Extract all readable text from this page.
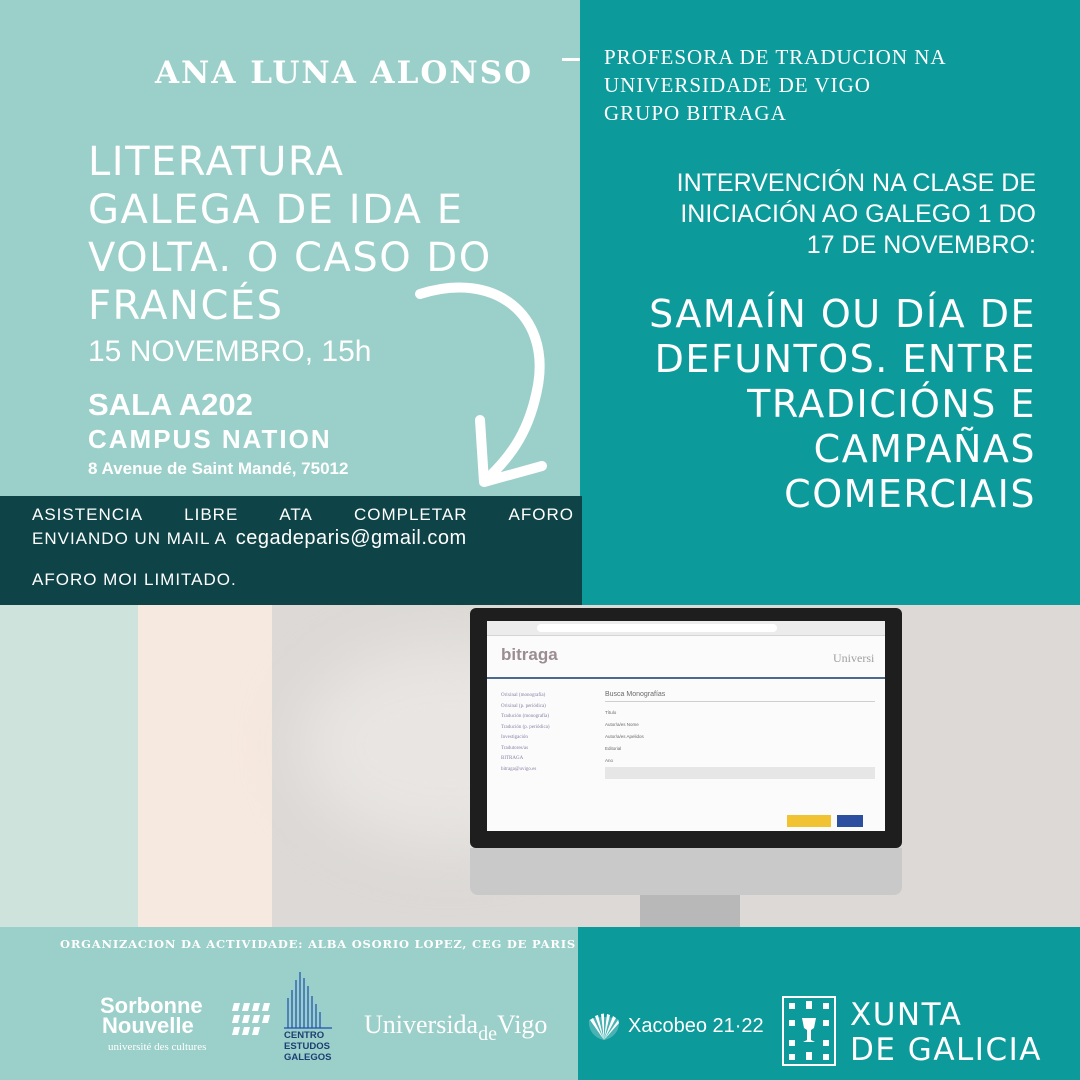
ANA LUNA ALONSO	PROFESORA DE TRADUCION NA
UNIVERSIDADE DE VIGO
GRUPO BITRAGA
LITERATURA
GALEGA DE IDA E
VOLTA. O CASO DO
FRANCÉS
15 NOVEMBRO, 15h
SALA A202
CAMPUS NATION
8 Avenue de Saint Mandé, 75012
ASISTENCIA LIBRE ATA COMPLETAR AFORO
ENVIANDO UN MAIL A cegadeparis@gmail.com
AFORO MOI LIMITADO.
INTERVENCIÓN NA CLASE DE
INICIACIÓN AO GALEGO 1 DO
17 DE NOVEMBRO:
SAMAÍN OU DÍA DE
DEFUNTOS. ENTRE
TRADICIÓNS E
CAMPAÑAS
COMERCIAIS
bitraga	Universi
Orixinal (monografía)
Orixinal (p. periódica)
Tradución (monografía)
Tradución (p. periódica)
Investigación
Tradutores/as
BITRAGA
bitraga@uvigo.es
Busca Monografías
Título
Autor/a/es Nome
Autor/a/es Apelidos
Editorial
Ano
ORGANIZACION DA ACTIVIDADE: ALBA OSORIO LOPEZ, CEG DE PARIS
Sorbonne
Nouvelle
université des cultures
CENTRO
ESTUDOS
GALEGOS
Universida$_{de}$Vigo	Xacobeo 21·22	XUNTA
DE GALICIA
